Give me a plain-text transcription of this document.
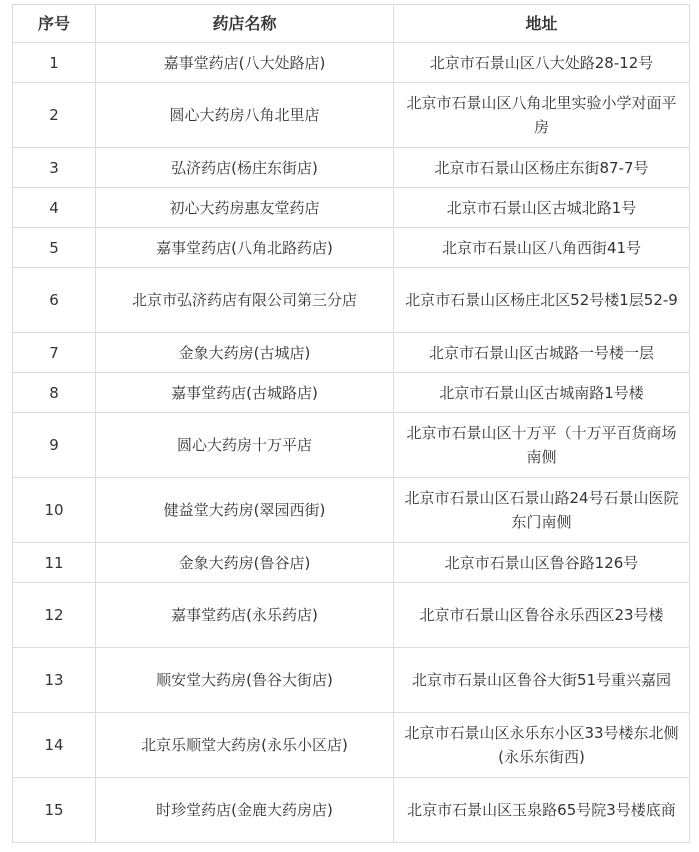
序号	药店名称	地址
1	嘉事堂药店(八大处路店)	北京市石景山区八大处路28-12号
2	圆心大药房八角北里店	北京市石景山区八角北里实验小学对面平房
3	弘济药店(杨庄东街店)	北京市石景山区杨庄东街87-7号
4	初心大药房惠友堂药店	北京市石景山区古城北路1号
5	嘉事堂药店(八角北路药店)	北京市石景山区八角西街41号
6	北京市弘济药店有限公司第三分店	北京市石景山区杨庄北区52号楼1层52-9
7	金象大药房(古城店)	北京市石景山区古城路一号楼一层
8	嘉事堂药店(古城路店)	北京市石景山区古城南路1号楼
9	圆心大药房十万平店	北京市石景山区十万平（十万平百货商场南侧
10	健益堂大药房(翠园西街)	北京市石景山区石景山路24号石景山医院东门南侧
11	金象大药房(鲁谷店)	北京市石景山区鲁谷路126号
12	嘉事堂药店(永乐药店)	北京市石景山区鲁谷永乐西区23号楼
13	顺安堂大药房(鲁谷大街店)	北京市石景山区鲁谷大街51号重兴嘉园
14	北京乐顺堂大药房(永乐小区店)	北京市石景山区永乐东小区33号楼东北侧(永乐东街西)
15	时珍堂药店(金鹿大药房店)	北京市石景山区玉泉路65号院3号楼底商
